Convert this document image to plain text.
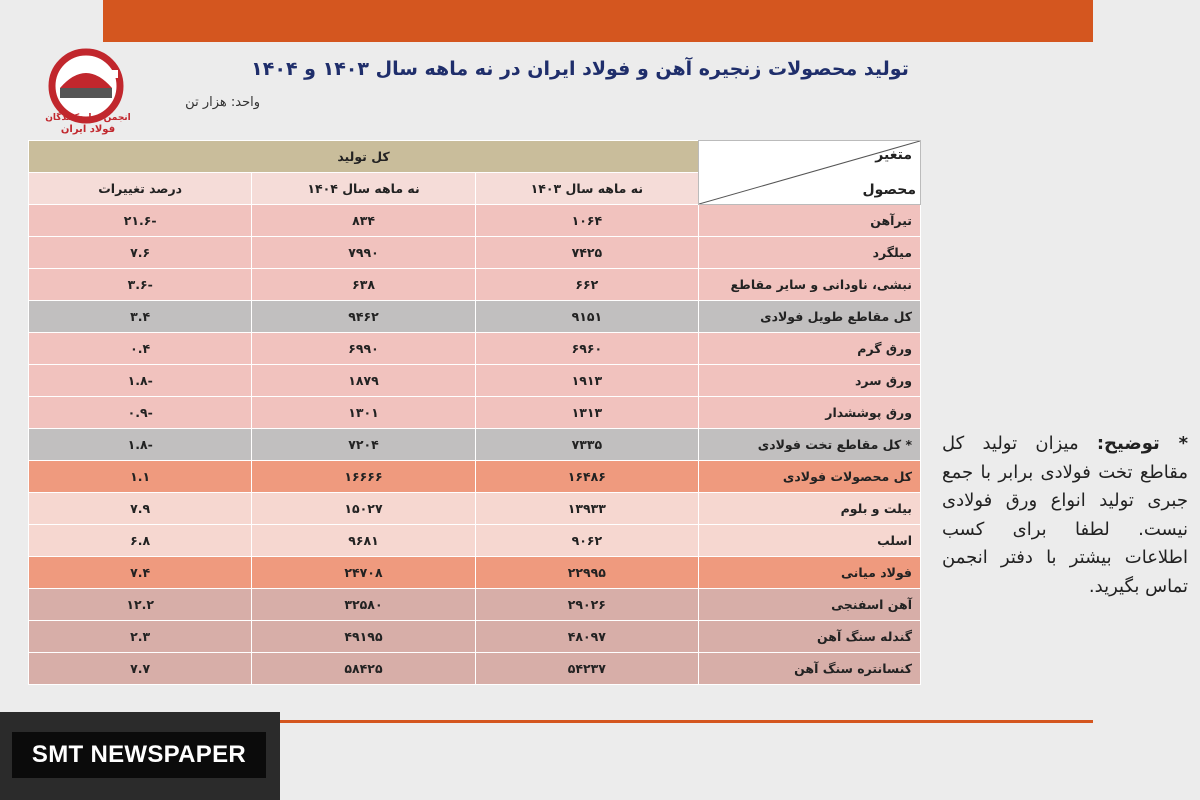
انجمن تولیدکنندگان
فولاد ایران
تولید محصولات زنجیره آهن و فولاد ایران در نه ماهه سال ۱۴۰۳ و ۱۴۰۴
واحد: هزار تن
متغیر
محصول	کل تولید		
	نه ماهه سال ۱۴۰۳	نه ماهه سال ۱۴۰۴	درصد تغییرات
تیرآهن	۱۰۶۴	۸۳۴	-۲۱.۶
میلگرد	۷۴۲۵	۷۹۹۰	۷.۶
نبشی، ناودانی و سایر مقاطع	۶۶۲	۶۳۸	-۳.۶
کل مقاطع طویل فولادی	۹۱۵۱	۹۴۶۲	۳.۴
ورق گرم	۶۹۶۰	۶۹۹۰	۰.۴
ورق سرد	۱۹۱۳	۱۸۷۹	-۱.۸
ورق پوششدار	۱۳۱۳	۱۳۰۱	-۰.۹
* کل مقاطع تخت فولادی	۷۳۳۵	۷۲۰۴	-۱.۸
کل محصولات فولادی	۱۶۴۸۶	۱۶۶۶۶	۱.۱
بیلت و بلوم	۱۳۹۳۳	۱۵۰۲۷	۷.۹
اسلب	۹۰۶۲	۹۶۸۱	۶.۸
فولاد میانی	۲۲۹۹۵	۲۴۷۰۸	۷.۴
آهن اسفنجی	۲۹۰۲۶	۳۲۵۸۰	۱۲.۲
گندله سنگ آهن	۴۸۰۹۷	۴۹۱۹۵	۲.۳
کنسانتره سنگ آهن	۵۴۲۳۷	۵۸۴۲۵	۷.۷
* توضیح: میزان تولید کل مقاطع تخت فولادی برابر با جمع جبری تولید انواع ورق فولادی نیست. لطفا برای کسب اطلاعات بیشتر با دفتر انجمن تماس بگیرید.
SMT NEWSPAPER
